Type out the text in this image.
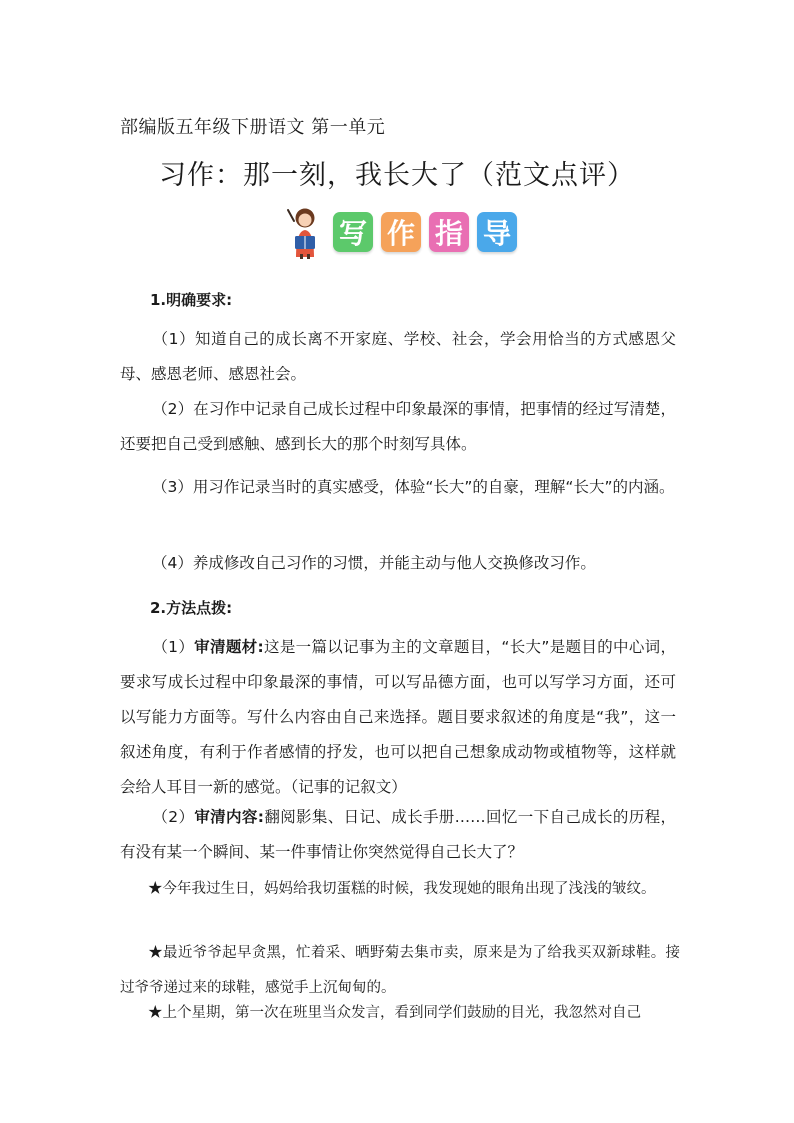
部编版五年级下册语文 第一单元
习作：那一刻，我长大了（范文点评）
写 作 指 导
1.明确要求:

（1）知道自己的成长离不开家庭、学校、社会，学会用恰当的方式感恩父母、感恩老师、感恩社会。

（2）在习作中记录自己成长过程中印象最深的事情，把事情的经过写清楚，还要把自己受到感触、感到长大的那个时刻写具体。

（3）用习作记录当时的真实感受，体验“长大”的自豪，理解“长大”的内涵。

（4）养成修改自己习作的习惯，并能主动与他人交换修改习作。

2.方法点拨:

（1）审清题材:这是一篇以记事为主的文章题目，“长大”是题目的中心词，要求写成长过程中印象最深的事情，可以写品德方面，也可以写学习方面，还可以写能力方面等。写什么内容由自己来选择。题目要求叙述的角度是“我”，这一叙述角度，有利于作者感情的抒发，也可以把自己想象成动物或植物等，这样就会给人耳目一新的感觉。（记事的记叙文）

（2）审清内容:翻阅影集、日记、成长手册……回忆一下自己成长的历程，有没有某一个瞬间、某一件事情让你突然觉得自己长大了？

★今年我过生日，妈妈给我切蛋糕的时候，我发现她的眼角出现了浅浅的皱纹。

★最近爷爷起早贪黑，忙着采、晒野菊去集市卖，原来是为了给我买双新球鞋。接过爷爷递过来的球鞋，感觉手上沉甸甸的。

★上个星期，第一次在班里当众发言，看到同学们鼓励的目光，我忽然对自己
